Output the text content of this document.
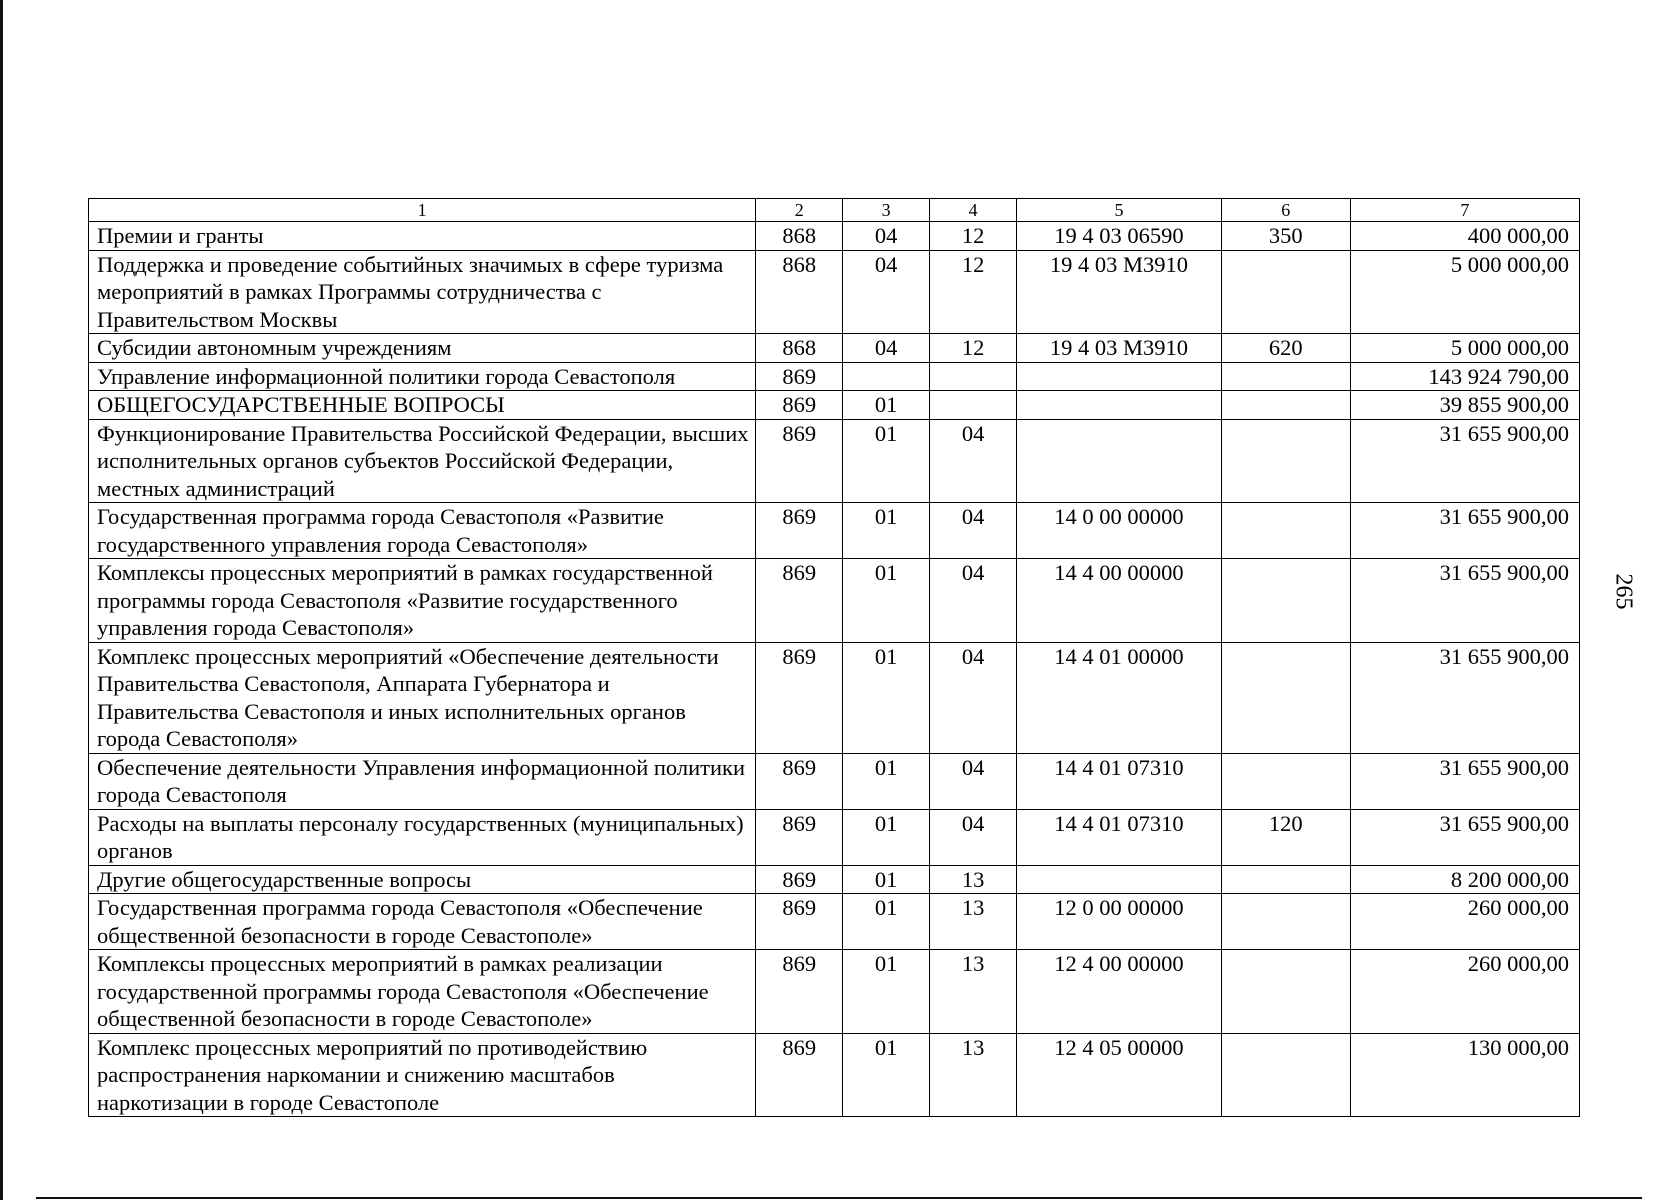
1	2	3	4	5	6	7
Премии и гранты	868	04	12	19 4 03 06590	350	400 000,00
Поддержка и проведение событийных значимых в сфере туризма мероприятий в рамках Программы сотрудничества с Правительством Москвы	868	04	12	19 4 03 М3910		5 000 000,00
Субсидии автономным учреждениям	868	04	12	19 4 03 М3910	620	5 000 000,00
Управление информационной политики города Севастополя	869					143 924 790,00
ОБЩЕГОСУДАРСТВЕННЫЕ ВОПРОСЫ	869	01				39 855 900,00
Функционирование Правительства Российской Федерации, высших исполнительных органов субъектов Российской Федерации, местных администраций	869	01	04			31 655 900,00
Государственная программа города Севастополя «Развитие государственного управления города Севастополя»	869	01	04	14 0 00 00000		31 655 900,00
Комплексы процессных мероприятий в рамках государственной программы города Севастополя «Развитие государственного управления города Севастополя»	869	01	04	14 4 00 00000		31 655 900,00
Комплекс процессных мероприятий «Обеспечение деятельности Правительства Севастополя, Аппарата Губернатора и Правительства Севастополя и иных исполнительных органов города Севастополя»	869	01	04	14 4 01 00000		31 655 900,00
Обеспечение деятельности Управления информационной политики города Севастополя	869	01	04	14 4 01 07310		31 655 900,00
Расходы на выплаты персоналу государственных (муниципальных) органов	869	01	04	14 4 01 07310	120	31 655 900,00
Другие общегосударственные вопросы	869	01	13			8 200 000,00
Государственная программа города Севастополя «Обеспечение общественной безопасности в городе Севастополе»	869	01	13	12 0 00 00000		260 000,00
Комплексы процессных мероприятий в рамках реализации государственной программы города Севастополя «Обеспечение общественной безопасности в городе Севастополе»	869	01	13	12 4 00 00000		260 000,00
Комплекс процессных мероприятий по противодействию распространения наркомании и снижению масштабов наркотизации в городе Севастополе	869	01	13	12 4 05 00000		130 000,00
265
